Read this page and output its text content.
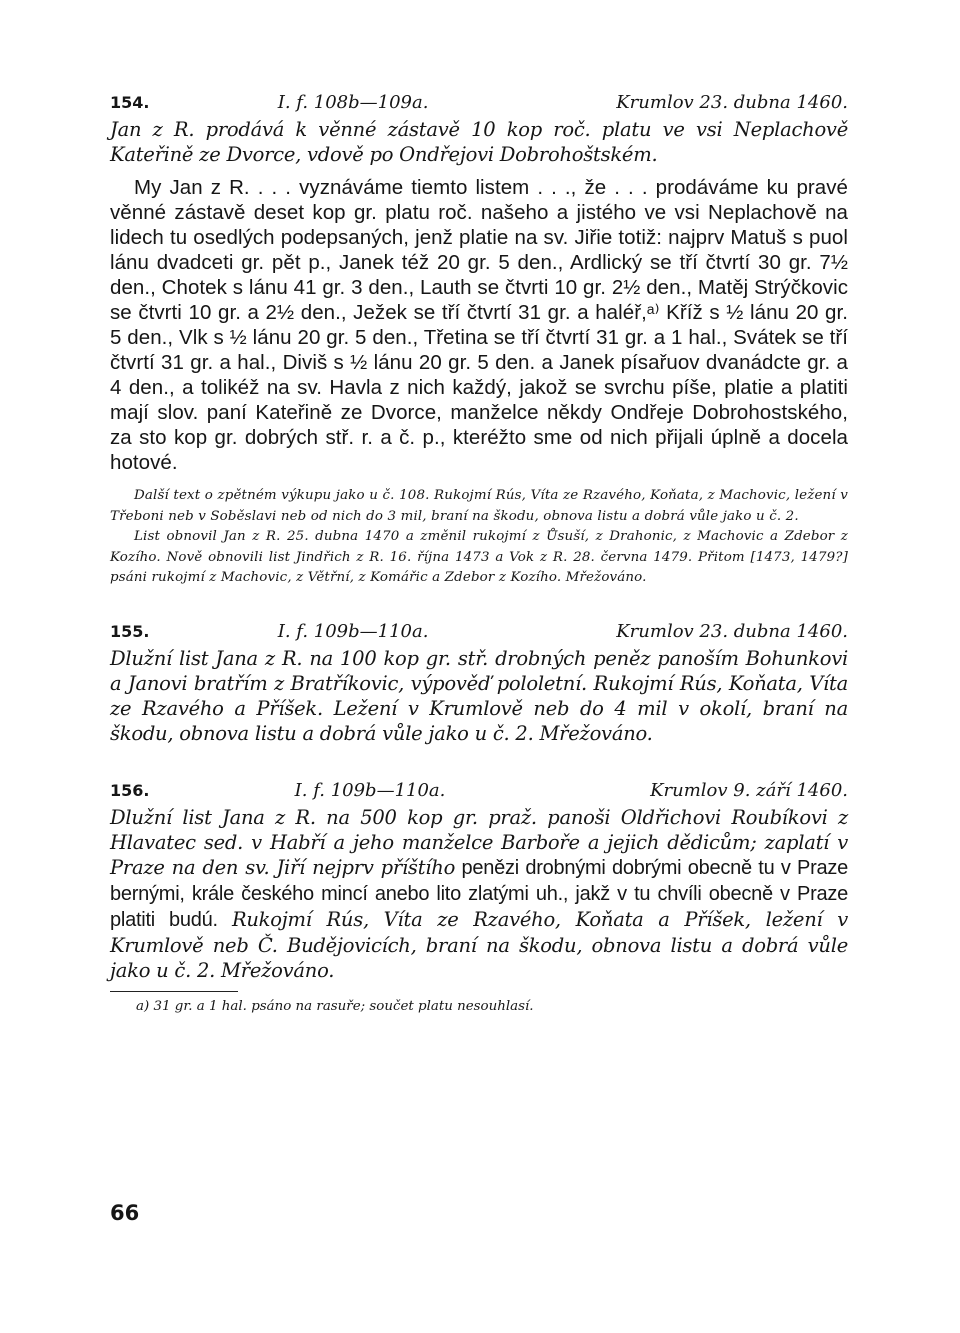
154.	I. f. 108b—109a.	Krumlov 23. dubna 1460.

Jan z R. prodává k věnné zástavě 10 kop roč. platu ve vsi Neplachově Kateřině ze Dvorce, vdově po Ondřejovi Dobrohoštském.

My Jan z R. . . . vyznáváme tiemto listem . . ., že . . . prodáváme ku pravé věnné zástavě deset kop gr. platu roč. našeho a jistého ve vsi Neplachově na lidech tu osedlých podepsaných, jenž platie na sv. Jiřie totiž: najprv Matuš s puol lánu dvadceti gr. pět p., Janek též 20 gr. 5 den., Ardlický se tří čtvrtí 30 gr. 7½ den., Chotek s lánu 41 gr. 3 den., Lauth se čtvrti 10 gr. 2½ den., Matěj Strýčkovic se čtvrti 10 gr. a 2½ den., Ježek se tří čtvrtí 31 gr. a haléř,ᵃ⁾ Kříž s ½ lánu 20 gr. 5 den., Vlk s ½ lánu 20 gr. 5 den., Třetina se tří čtvrtí 31 gr. a 1 hal., Svátek se tří čtvrtí 31 gr. a hal., Diviš s ½ lánu 20 gr. 5 den. a Janek písařuov dvanádcte gr. a 4 den., a tolikéž na sv. Havla z nich každý, jakož se svrchu píše, platie a platiti mají slov. paní Kateřině ze Dvorce, manželce někdy Ondřeje Dobrohostského, za sto kop gr. dobrých stř. r. a č. p., kteréžto sme od nich přijali úplně a docela hotové.

Další text o zpětném výkupu jako u č. 108. Rukojmí Rús, Víta ze Rzavého, Koňata, z Machovic, ležení v Třeboni neb v Soběslavi neb od nich do 3 mil, braní na škodu, obnova listu a dobrá vůle jako u č. 2.

List obnovil Jan z R. 25. dubna 1470 a změnil rukojmí z Ůsuší, z Drahonic, z Machovic a Zdebor z Kozího. Nově obnovili list Jindřich z R. 16. října 1473 a Vok z R. 28. června 1479. Přitom [1473, 1479?] psáni rukojmí z Machovic, z Větřní, z Komářic a Zdebor z Kozího. Mřežováno.

155.	I. f. 109b—110a.	Krumlov 23. dubna 1460.

Dlužní list Jana z R. na 100 kop gr. stř. drobných peněz panoším Bohunkovi a Janovi bratřím z Bratříkovic, výpověď pololetní. Rukojmí Rús, Koňata, Víta ze Rzavého a Příšek. Ležení v Krumlově neb do 4 mil v okolí, braní na škodu, obnova listu a dobrá vůle jako u č. 2. Mřežováno.

156.	I. f. 109b—110a.	Krumlov 9. září 1460.

Dlužní list Jana z R. na 500 kop gr. praž. panoši Oldřichovi Roubíkovi z Hlavatec sed. v Habří a jeho manželce Barboře a jejich dědicům; zaplatí v Praze na den sv. Jiří nejprv příštího penězi drobnými dobrými obecně tu v Praze bernými, krále českého mincí anebo lito zlatými uh., jakž v tu chvíli obecně v Praze platiti budú. Rukojmí Rús, Víta ze Rzavého, Koňata a Příšek, ležení v Krumlově neb Č. Budějovicích, braní na škodu, obnova listu a dobrá vůle jako u č. 2. Mřežováno.

a) 31 gr. a 1 hal. psáno na rasuře; součet platu nesouhlasí.

66
